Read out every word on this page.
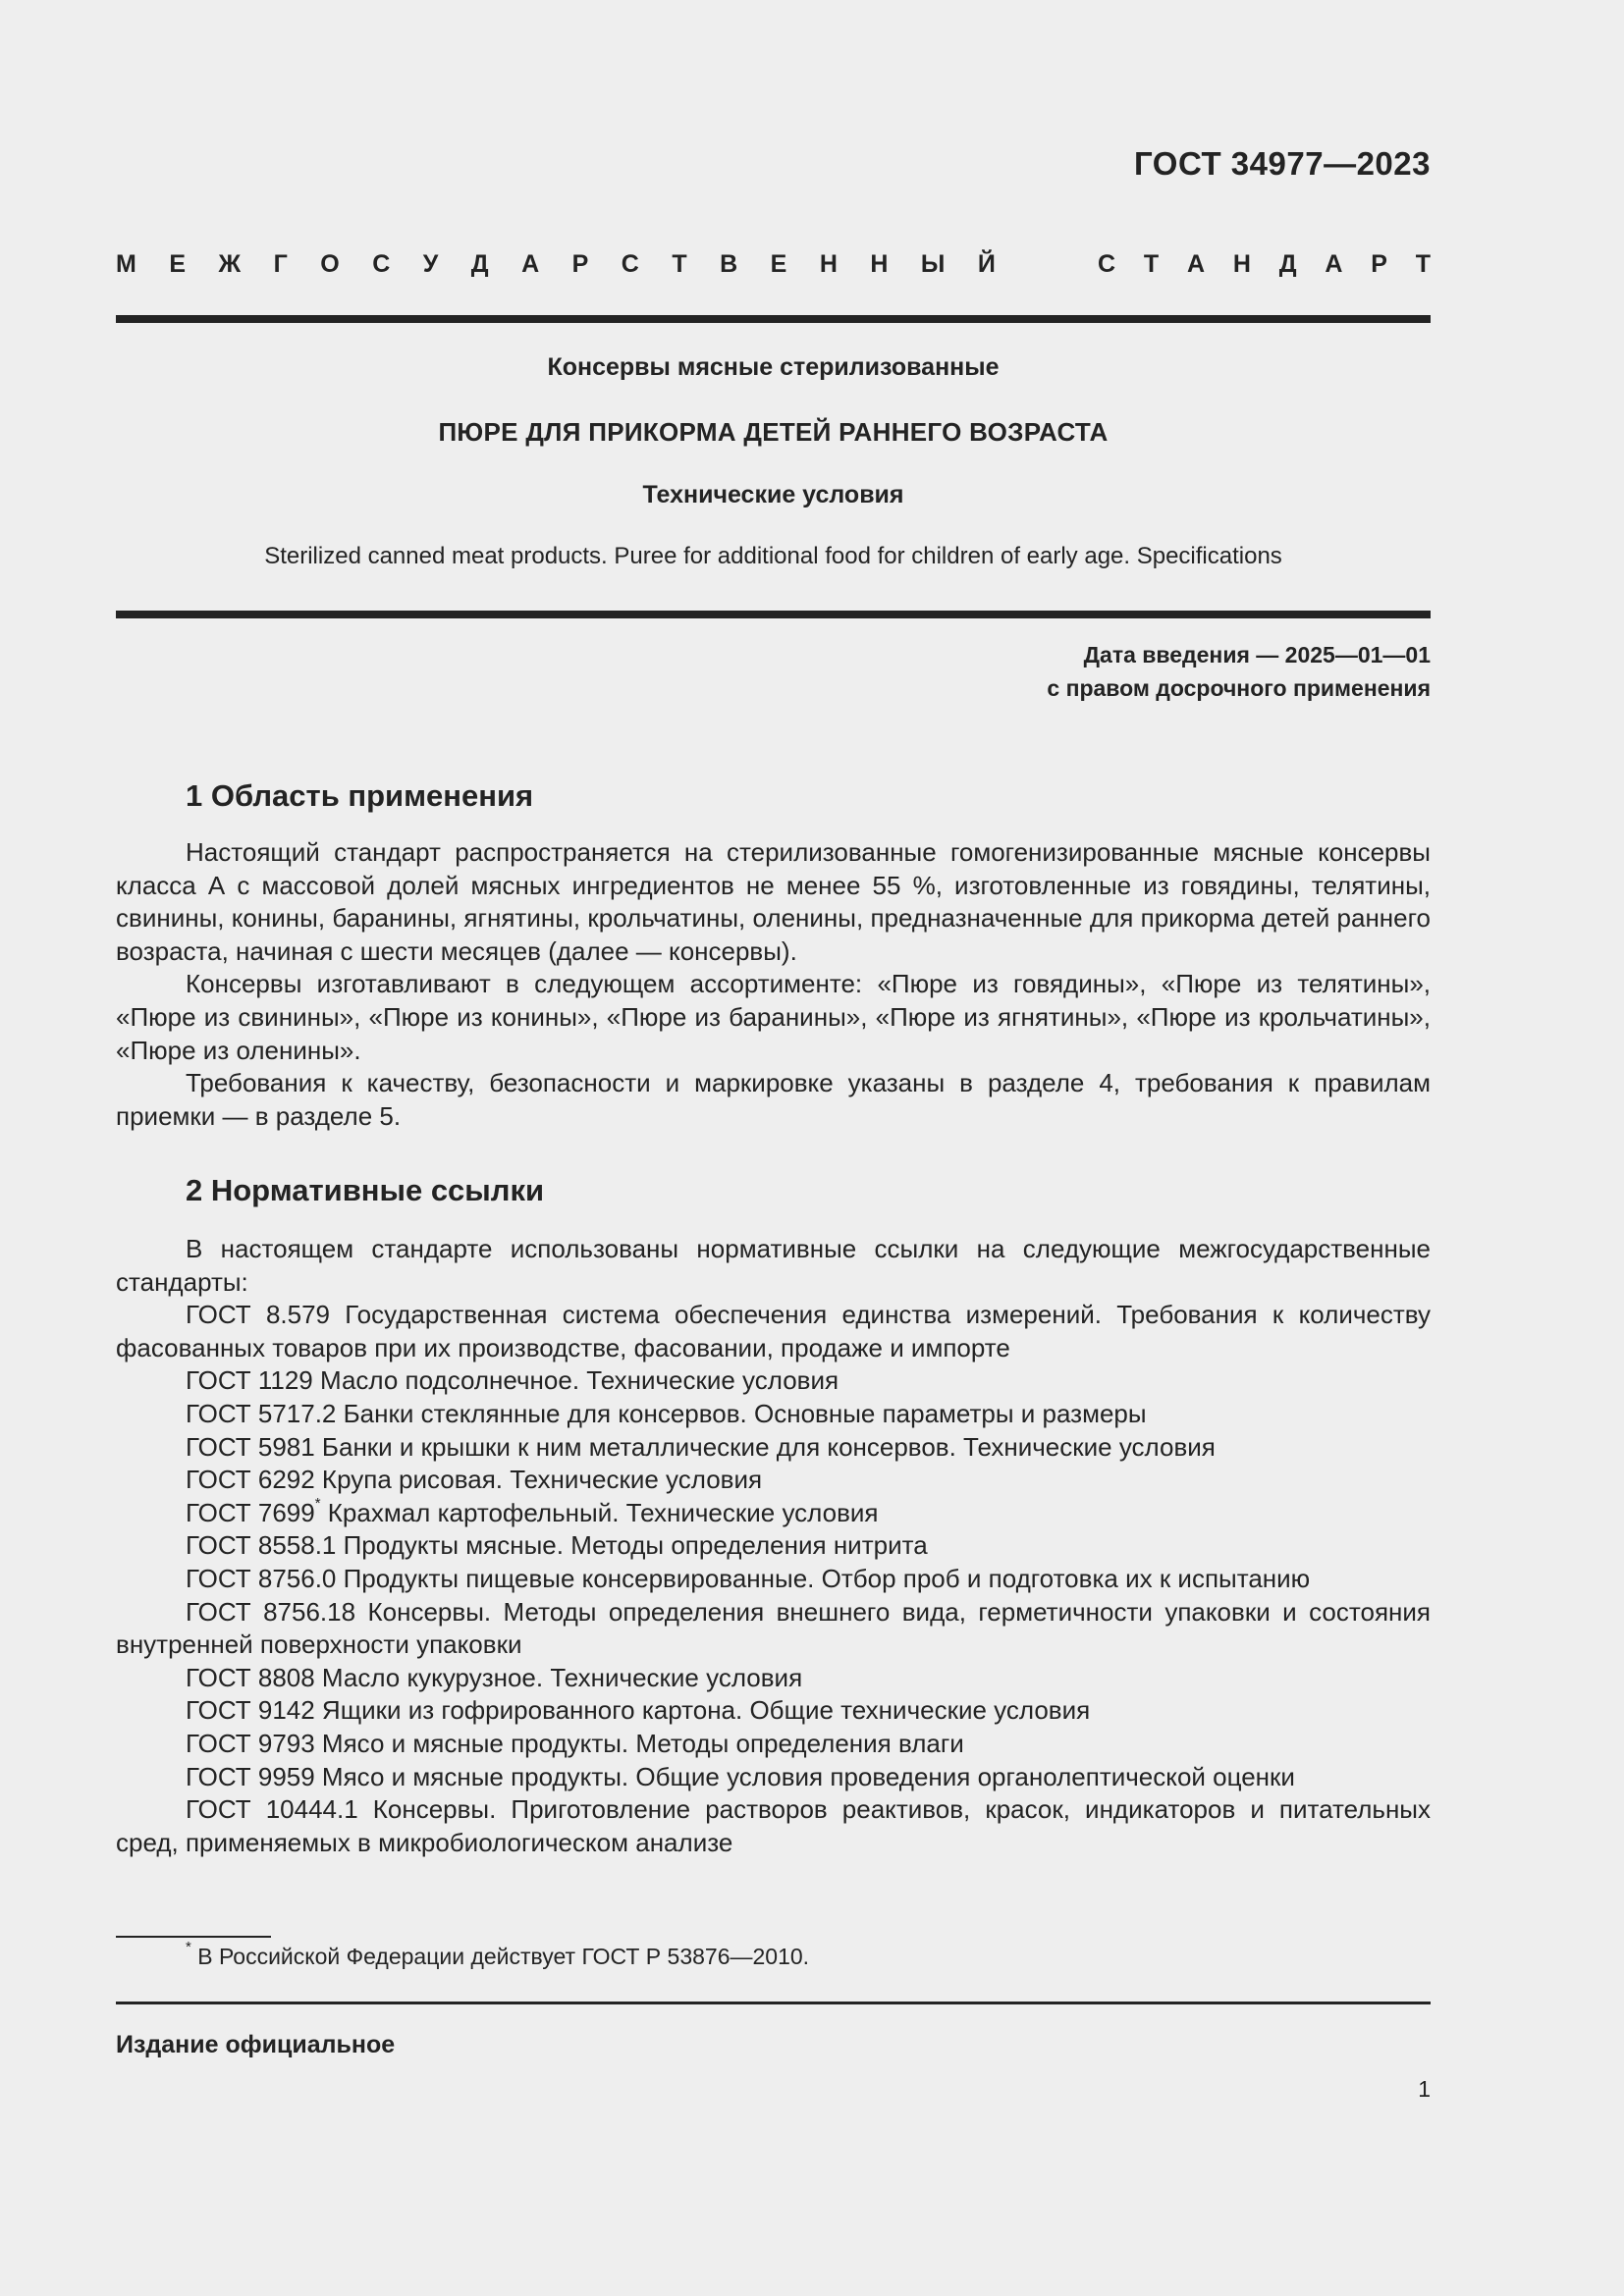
ГОСТ 34977—2023
М Е Ж Г О С У Д А Р С Т В Е Н Н Ы Й	С Т А Н Д А Р Т
Консервы мясные стерилизованные
ПЮРЕ ДЛЯ ПРИКОРМА ДЕТЕЙ РАННЕГО ВОЗРАСТА
Технические условия
Sterilized canned meat products. Puree for additional food for children of early age. Specifications
Дата введения — 2025—01—01
с правом досрочного применения
1 Область применения

Настоящий стандарт распространяется на стерилизованные гомогенизированные мясные консервы класса А с массовой долей мясных ингредиентов не менее 55 %, изготовленные из говядины, телятины, свинины, конины, баранины, ягнятины, крольчатины, оленины, предназначенные для прикорма детей раннего возраста, начиная с шести месяцев (далее — консервы).

Консервы изготавливают в следующем ассортименте: «Пюре из говядины», «Пюре из телятины», «Пюре из свинины», «Пюре из конины», «Пюре из баранины», «Пюре из ягнятины», «Пюре из крольчатины», «Пюре из оленины».

Требования к качеству, безопасности и маркировке указаны в разделе 4, требования к правилам приемки — в разделе 5.

2 Нормативные ссылки

В настоящем стандарте использованы нормативные ссылки на следующие межгосударственные стандарты:

ГОСТ 8.579 Государственная система обеспечения единства измерений. Требования к количеству фасованных товаров при их производстве, фасовании, продаже и импорте

ГОСТ 1129 Масло подсолнечное. Технические условия

ГОСТ 5717.2 Банки стеклянные для консервов. Основные параметры и размеры

ГОСТ 5981 Банки и крышки к ним металлические для консервов. Технические условия

ГОСТ 6292 Крупа рисовая. Технические условия

ГОСТ 7699* Крахмал картофельный. Технические условия

ГОСТ 8558.1 Продукты мясные. Методы определения нитрита

ГОСТ 8756.0 Продукты пищевые консервированные. Отбор проб и подготовка их к испытанию

ГОСТ 8756.18 Консервы. Методы определения внешнего вида, герметичности упаковки и состояния внутренней поверхности упаковки

ГОСТ 8808 Масло кукурузное. Технические условия

ГОСТ 9142 Ящики из гофрированного картона. Общие технические условия

ГОСТ 9793 Мясо и мясные продукты. Методы определения влаги

ГОСТ 9959 Мясо и мясные продукты. Общие условия проведения органолептической оценки

ГОСТ 10444.1 Консервы. Приготовление растворов реактивов, красок, индикаторов и питательных сред, применяемых в микробиологическом анализе

* В Российской Федерации действует ГОСТ Р 53876—2010.
Издание официальное
1
